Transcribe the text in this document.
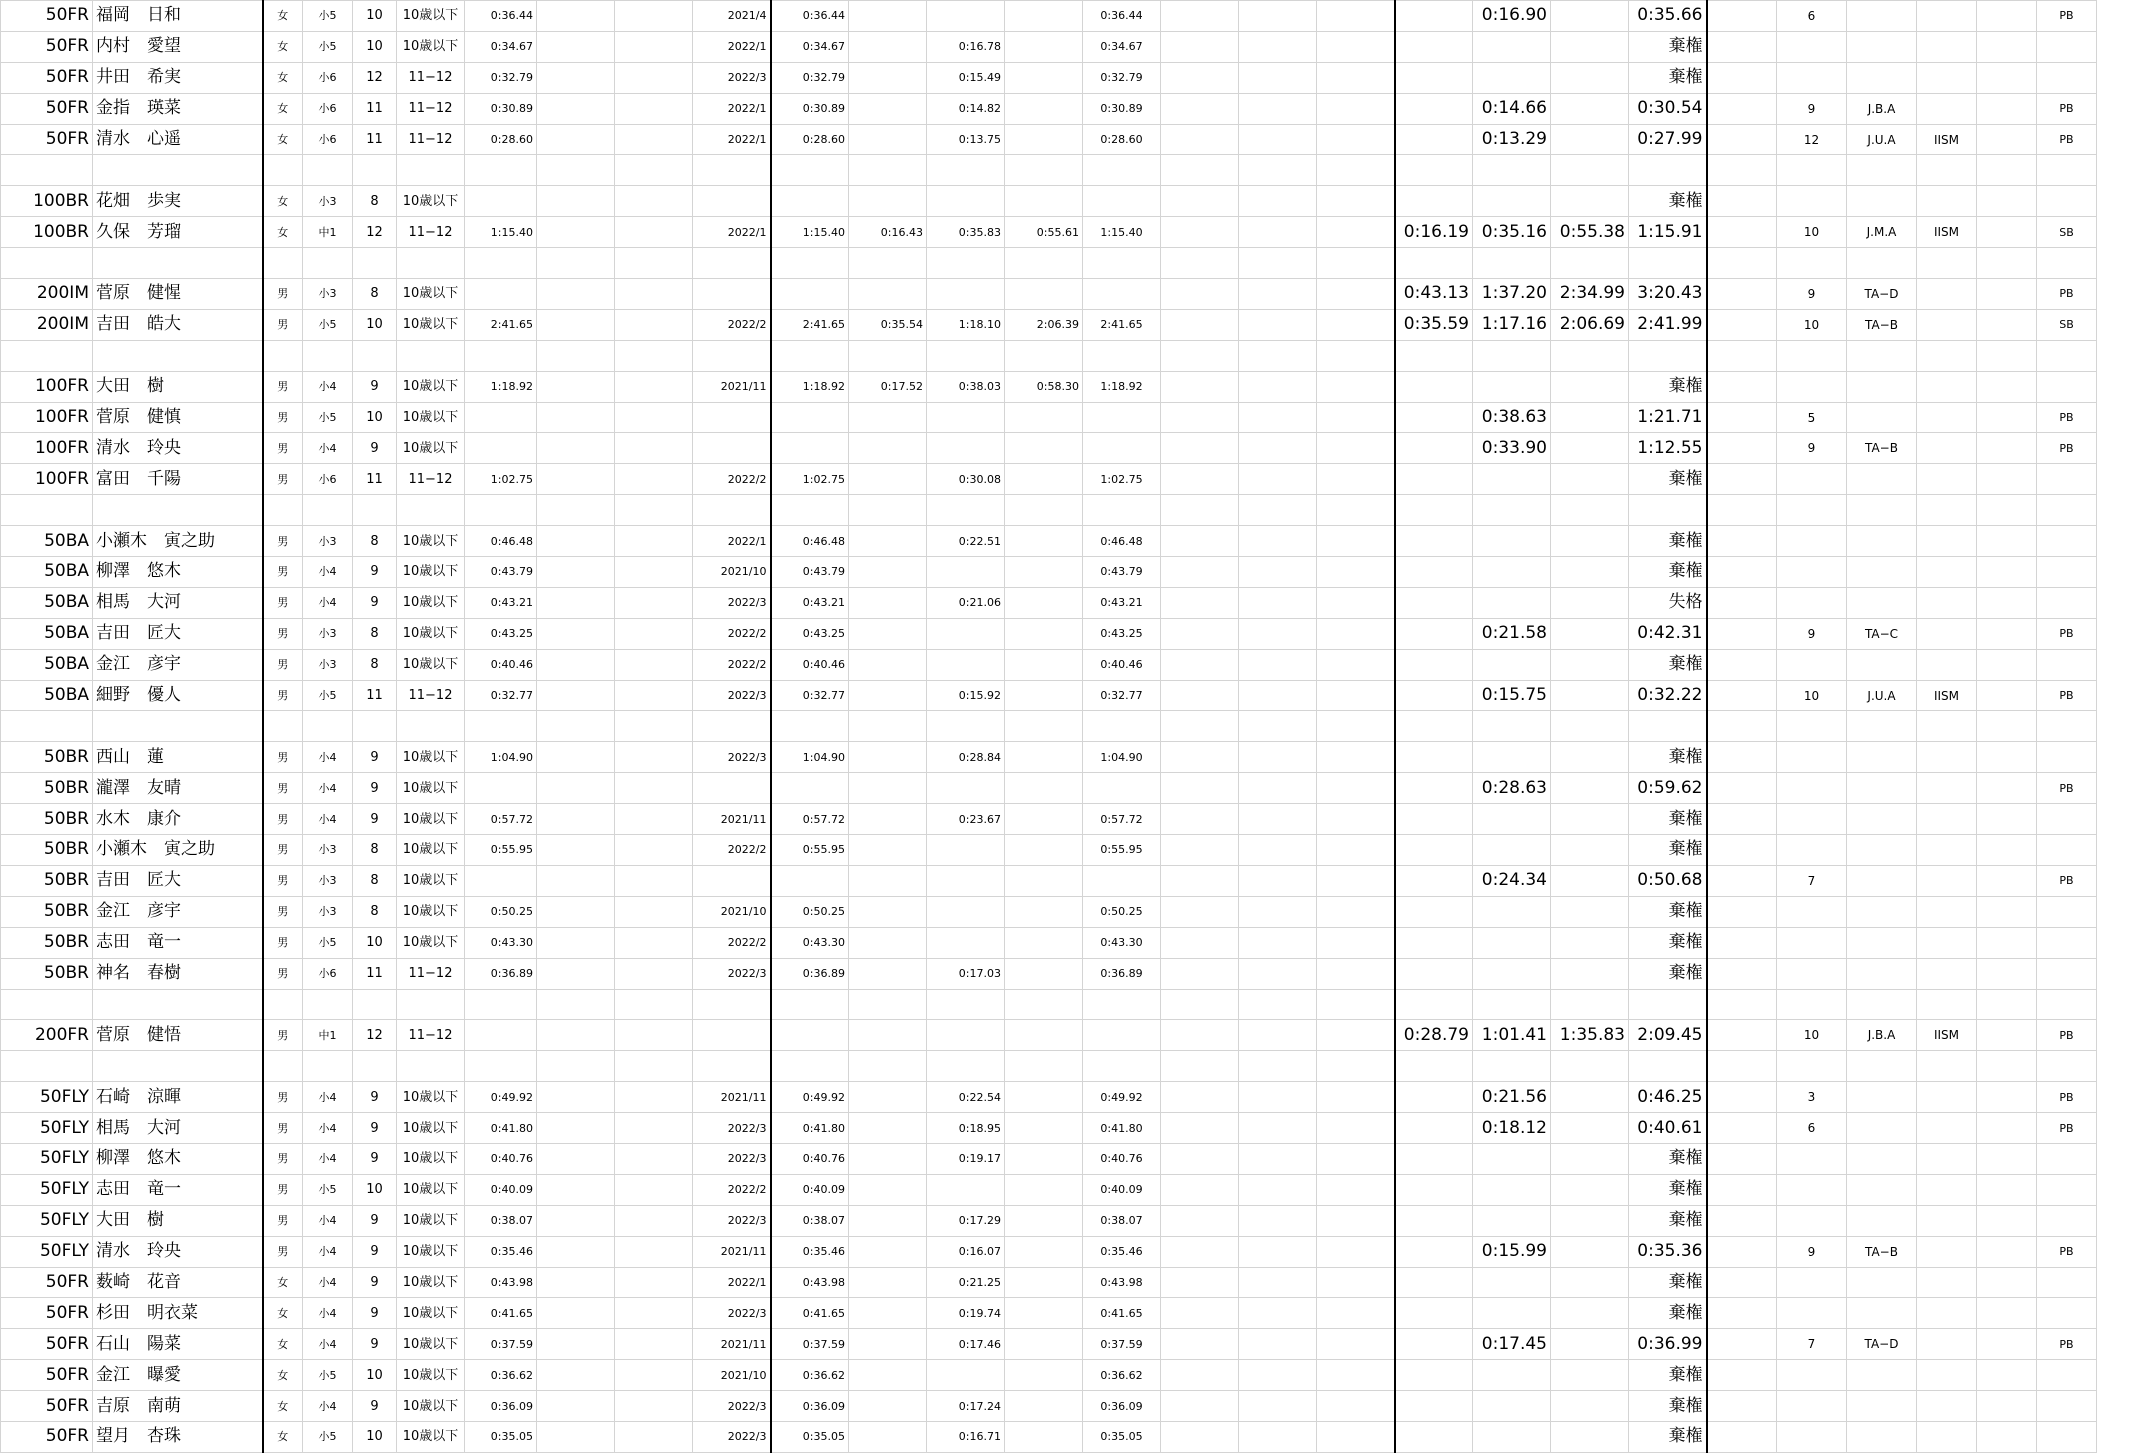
50FR	福岡　日和	女	小5	10	10歳以下	0:36.44			2021/4	0:36.44				0:36.44					0:16.90		0:35.66		6				PB
50FR	内村　愛望	女	小5	10	10歳以下	0:34.67			2022/1	0:34.67		0:16.78		0:34.67							棄権						
50FR	井田　希実	女	小6	12	11−12	0:32.79			2022/3	0:32.79		0:15.49		0:32.79							棄権						
50FR	金指　瑛菜	女	小6	11	11−12	0:30.89			2022/1	0:30.89		0:14.82		0:30.89					0:14.66		0:30.54		9	J.B.A			PB
50FR	清水　心遥	女	小6	11	11−12	0:28.60			2022/1	0:28.60		0:13.75		0:28.60					0:13.29		0:27.99		12	J.U.A	IISM		PB

100BR	花畑　歩実	女	小3	8	10歳以下																棄権						
100BR	久保　芳瑠	女	中1	12	11−12	1:15.40			2022/1	1:15.40	0:16.43	0:35.83	0:55.61	1:15.40				0:16.19	0:35.16	0:55.38	1:15.91		10	J.M.A	IISM		SB

200IM	菅原　健惺	男	小3	8	10歳以下													0:43.13	1:37.20	2:34.99	3:20.43		9	TA−D			PB
200IM	吉田　皓大	男	小5	10	10歳以下	2:41.65			2022/2	2:41.65	0:35.54	1:18.10	2:06.39	2:41.65				0:35.59	1:17.16	2:06.69	2:41.99		10	TA−B			SB

100FR	大田　樹	男	小4	9	10歳以下	1:18.92			2021/11	1:18.92	0:17.52	0:38.03	0:58.30	1:18.92							棄権						
100FR	菅原　健慎	男	小5	10	10歳以下														0:38.63		1:21.71		5				PB
100FR	清水　玲央	男	小4	9	10歳以下														0:33.90		1:12.55		9	TA−B			PB
100FR	富田　千陽	男	小6	11	11−12	1:02.75			2022/2	1:02.75		0:30.08		1:02.75							棄権						

50BA	小瀬木　寅之助	男	小3	8	10歳以下	0:46.48			2022/1	0:46.48		0:22.51		0:46.48							棄権						
50BA	柳澤　悠木	男	小4	9	10歳以下	0:43.79			2021/10	0:43.79				0:43.79							棄権						
50BA	相馬　大河	男	小4	9	10歳以下	0:43.21			2022/3	0:43.21		0:21.06		0:43.21							失格						
50BA	吉田　匠大	男	小3	8	10歳以下	0:43.25			2022/2	0:43.25				0:43.25					0:21.58		0:42.31		9	TA−C			PB
50BA	金江　彦宇	男	小3	8	10歳以下	0:40.46			2022/2	0:40.46				0:40.46							棄権						
50BA	細野　優人	男	小5	11	11−12	0:32.77			2022/3	0:32.77		0:15.92		0:32.77					0:15.75		0:32.22		10	J.U.A	IISM		PB

50BR	西山　蓮	男	小4	9	10歳以下	1:04.90			2022/3	1:04.90		0:28.84		1:04.90							棄権						
50BR	瀧澤　友晴	男	小4	9	10歳以下														0:28.63		0:59.62						PB
50BR	水木　康介	男	小4	9	10歳以下	0:57.72			2021/11	0:57.72		0:23.67		0:57.72							棄権						
50BR	小瀬木　寅之助	男	小3	8	10歳以下	0:55.95			2022/2	0:55.95				0:55.95							棄権						
50BR	吉田　匠大	男	小3	8	10歳以下														0:24.34		0:50.68		7				PB
50BR	金江　彦宇	男	小3	8	10歳以下	0:50.25			2021/10	0:50.25				0:50.25							棄権						
50BR	志田　竜一	男	小5	10	10歳以下	0:43.30			2022/2	0:43.30				0:43.30							棄権						
50BR	神名　春樹	男	小6	11	11−12	0:36.89			2022/3	0:36.89		0:17.03		0:36.89							棄権						

200FR	菅原　健悟	男	中1	12	11−12													0:28.79	1:01.41	1:35.83	2:09.45		10	J.B.A	IISM		PB

50FLY	石崎　涼暉	男	小4	9	10歳以下	0:49.92			2021/11	0:49.92		0:22.54		0:49.92					0:21.56		0:46.25		3				PB
50FLY	相馬　大河	男	小4	9	10歳以下	0:41.80			2022/3	0:41.80		0:18.95		0:41.80					0:18.12		0:40.61		6				PB
50FLY	柳澤　悠木	男	小4	9	10歳以下	0:40.76			2022/3	0:40.76		0:19.17		0:40.76							棄権						
50FLY	志田　竜一	男	小5	10	10歳以下	0:40.09			2022/2	0:40.09				0:40.09							棄権						
50FLY	大田　樹	男	小4	9	10歳以下	0:38.07			2022/3	0:38.07		0:17.29		0:38.07							棄権						
50FLY	清水　玲央	男	小4	9	10歳以下	0:35.46			2021/11	0:35.46		0:16.07		0:35.46					0:15.99		0:35.36		9	TA−B			PB
50FR	薮崎　花音	女	小4	9	10歳以下	0:43.98			2022/1	0:43.98		0:21.25		0:43.98							棄権						
50FR	杉田　明衣菜	女	小4	9	10歳以下	0:41.65			2022/3	0:41.65		0:19.74		0:41.65							棄権						
50FR	石山　陽菜	女	小4	9	10歳以下	0:37.59			2021/11	0:37.59		0:17.46		0:37.59					0:17.45		0:36.99		7	TA−D			PB
50FR	金江　曝愛	女	小5	10	10歳以下	0:36.62			2021/10	0:36.62				0:36.62							棄権						
50FR	吉原　南萌	女	小4	9	10歳以下	0:36.09			2022/3	0:36.09		0:17.24		0:36.09							棄権						
50FR	望月　杏珠	女	小5	10	10歳以下	0:35.05			2022/3	0:35.05		0:16.71		0:35.05							棄権						
